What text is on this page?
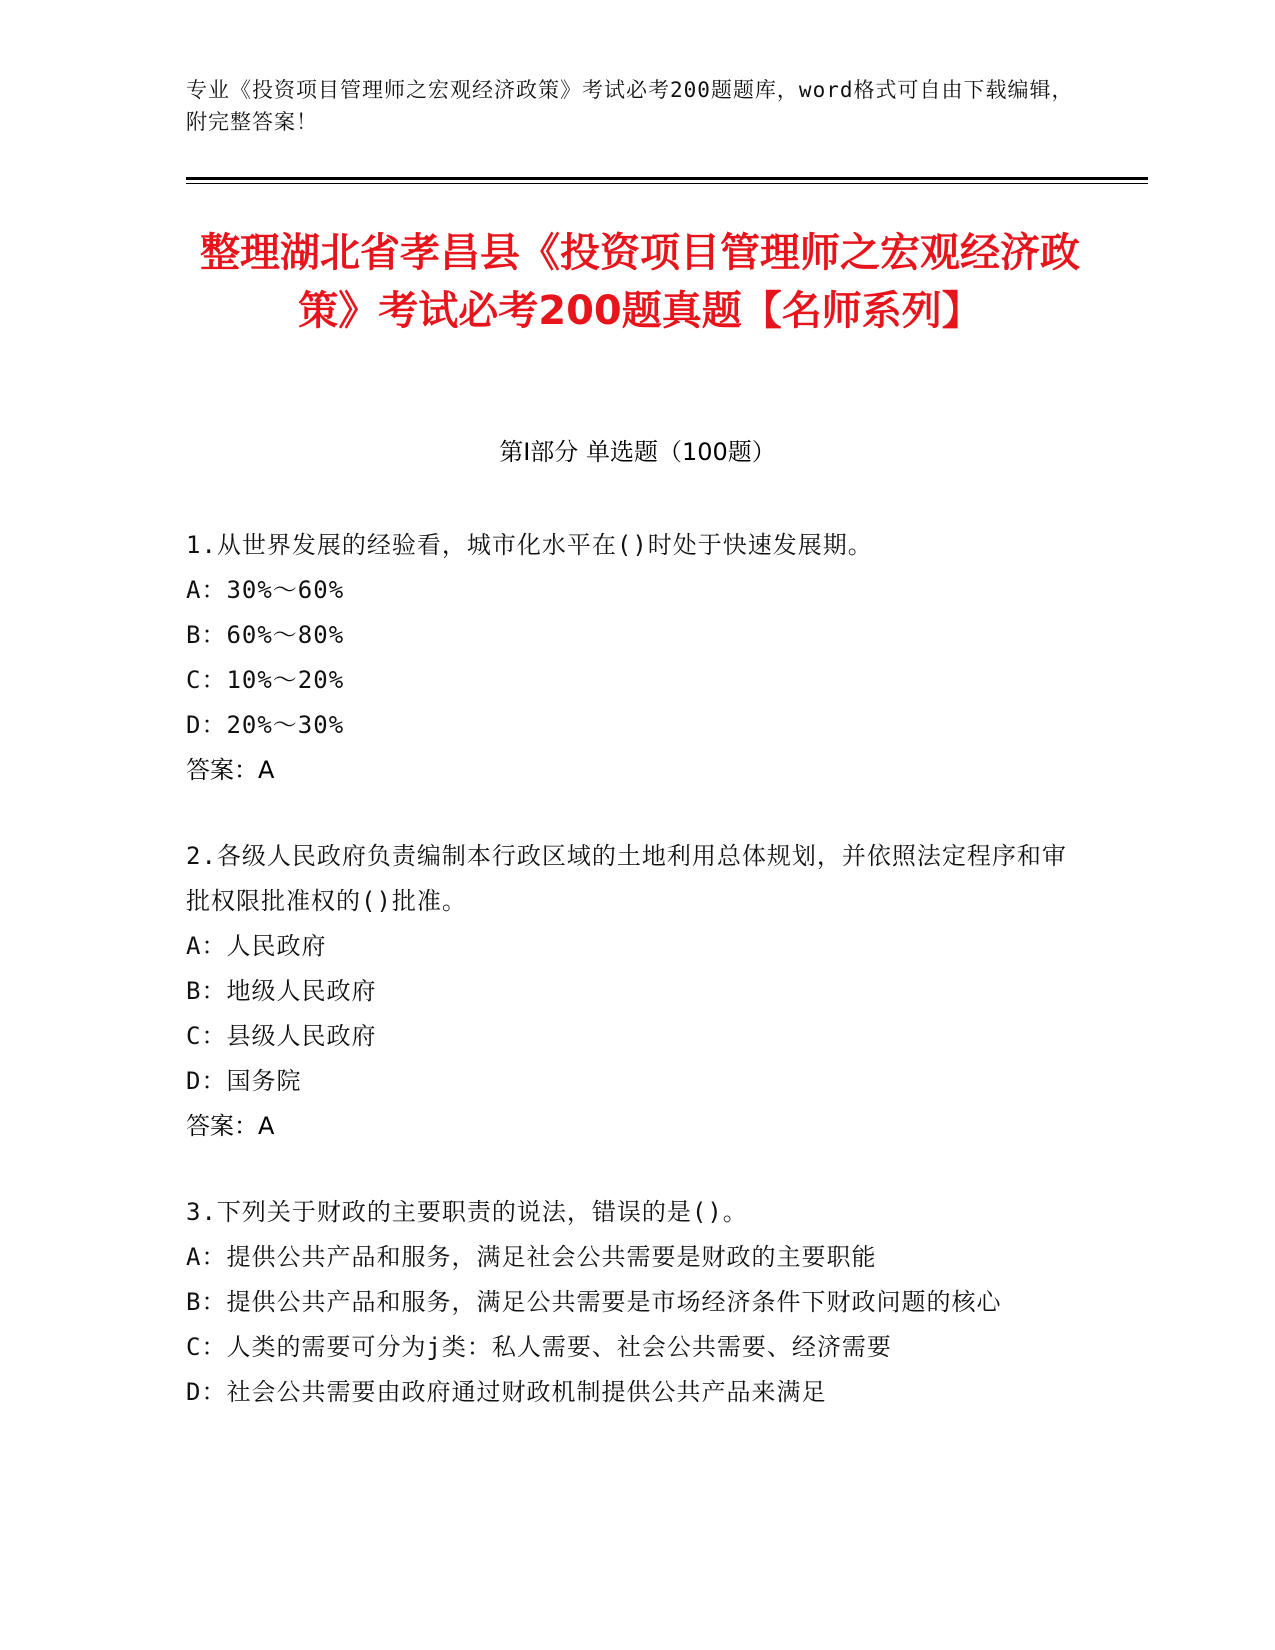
专业《投资项目管理师之宏观经济政策》考试必考200题题库，word格式可自由下载编辑，附完整答案！
整理湖北省孝昌县《投资项目管理师之宏观经济政策》考试必考200题真题【名师系列】
第Ⅰ部分 单选题（100题）
1.从世界发展的经验看，城市化水平在()时处于快速发展期。
A：30%～60%
B：60%～80%
C：10%～20%
D：20%～30%
答案：A
2.各级人民政府负责编制本行政区域的土地利用总体规划，并依照法定程序和审批权限批准权的()批准。
A：人民政府
B：地级人民政府
C：县级人民政府
D：国务院
答案：A
3.下列关于财政的主要职责的说法，错误的是()。
A：提供公共产品和服务，满足社会公共需要是财政的主要职能
B：提供公共产品和服务，满足公共需要是市场经济条件下财政问题的核心
C：人类的需要可分为j类：私人需要、社会公共需要、经济需要
D：社会公共需要由政府通过财政机制提供公共产品来满足
